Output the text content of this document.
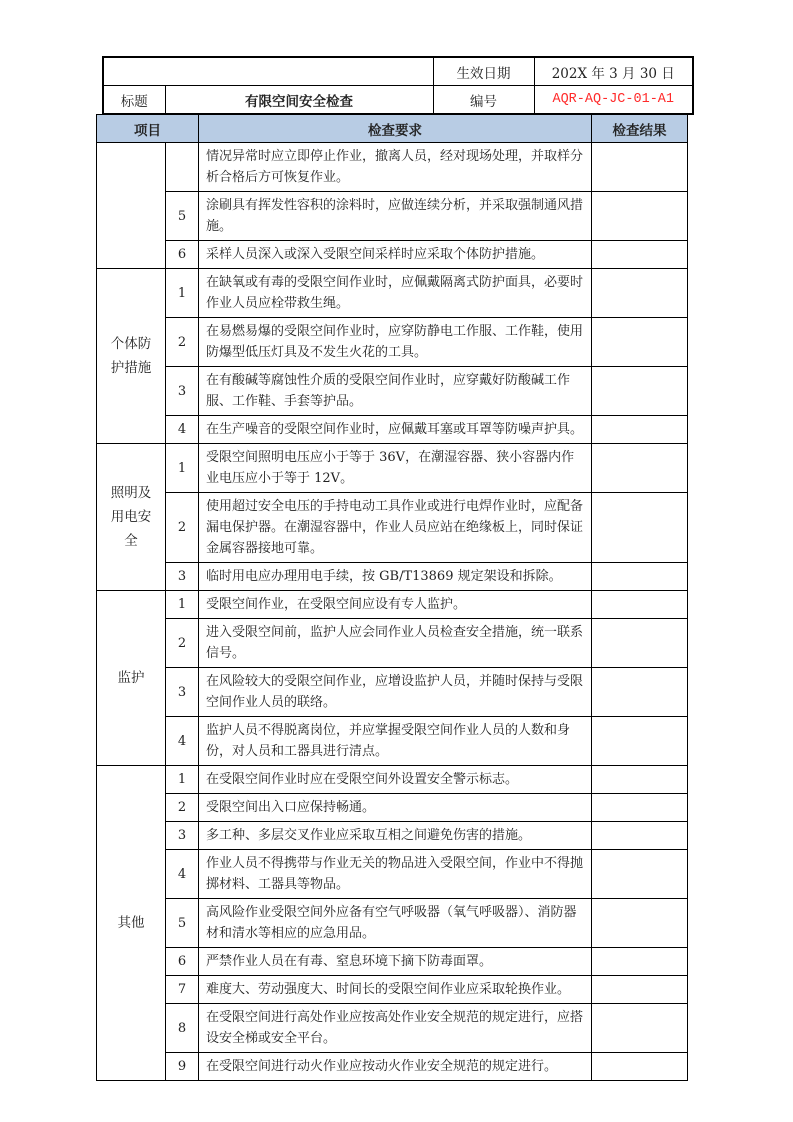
		生效日期	202X 年 3 月 30 日
标题	有限空间安全检查	编号	AQR-AQ-JC-01-A1
项目		检查要求	检查结果
		情况异常时应立即停止作业，撤离人员，经对现场处理，并取样分析合格后方可恢复作业。	
	5	涂刷具有挥发性容积的涂料时，应做连续分析，并采取强制通风措施。	
	6	采样人员深入或深入受限空间采样时应采取个体防护措施。	
个体防护措施	1	在缺氧或有毒的受限空间作业时，应佩戴隔离式防护面具，必要时作业人员应栓带救生绳。	
	2	在易燃易爆的受限空间作业时，应穿防静电工作服、工作鞋，使用防爆型低压灯具及不发生火花的工具。	
	3	在有酸碱等腐蚀性介质的受限空间作业时，应穿戴好防酸碱工作服、工作鞋、手套等护品。	
	4	在生产噪音的受限空间作业时，应佩戴耳塞或耳罩等防噪声护具。	
照明及用电安全	1	受限空间照明电压应小于等于 36V，在潮湿容器、狭小容器内作业电压应小于等于 12V。	
	2	使用超过安全电压的手持电动工具作业或进行电焊作业时，应配备漏电保护器。在潮湿容器中，作业人员应站在绝缘板上，同时保证金属容器接地可靠。	
	3	临时用电应办理用电手续，按 GB/T13869 规定架设和拆除。	
监护	1	受限空间作业，在受限空间应设有专人监护。	
	2	进入受限空间前，监护人应会同作业人员检查安全措施，统一联系信号。	
	3	在风险较大的受限空间作业，应增设监护人员，并随时保持与受限空间作业人员的联络。	
	4	监护人员不得脱离岗位，并应掌握受限空间作业人员的人数和身份，对人员和工器具进行清点。	
其他	1	在受限空间作业时应在受限空间外设置安全警示标志。	
	2	受限空间出入口应保持畅通。	
	3	多工种、多层交叉作业应采取互相之间避免伤害的措施。	
	4	作业人员不得携带与作业无关的物品进入受限空间，作业中不得抛掷材料、工器具等物品。	
	5	高风险作业受限空间外应备有空气呼吸器（氧气呼吸器）、消防器材和清水等相应的应急用品。	
	6	严禁作业人员在有毒、窒息环境下摘下防毒面罩。	
	7	难度大、劳动强度大、时间长的受限空间作业应采取轮换作业。	
	8	在受限空间进行高处作业应按高处作业安全规范的规定进行，应搭设安全梯或安全平台。	
	9	在受限空间进行动火作业应按动火作业安全规范的规定进行。	
